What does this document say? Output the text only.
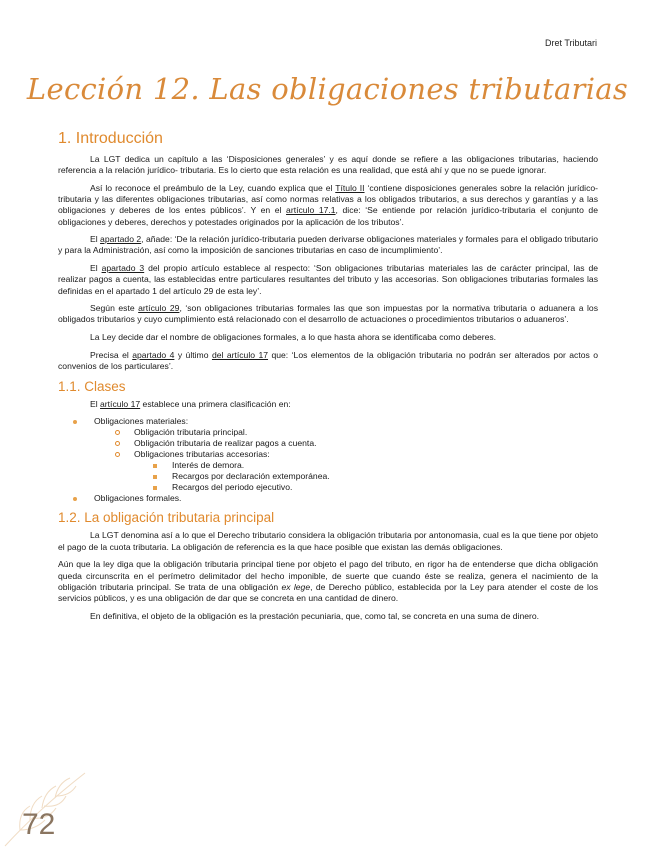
Dret Tributari
Lección 12. Las obligaciones tributarias
1. Introducción

La LGT dedica un capítulo a las ‘Disposiciones generales’ y es aquí donde se refiere a las obligaciones tributarias, haciendo referencia a la relación jurídico- tributaria. Es lo cierto que esta relación es una realidad, que está ahí y que no se puede ignorar.

Así lo reconoce el preámbulo de la Ley, cuando explica que el Título II ‘contiene disposiciones generales sobre la relación jurídico-tributaria y las diferentes obligaciones tributarias, así como normas relativas a los obligados tributarios, a sus derechos y garantías y a las obligaciones y deberes de los entes públicos’. Y en el artículo 17.1, dice: ‘Se entiende por relación jurídico-tributaria el conjunto de obligaciones y deberes, derechos y potestades originados por la aplicación de los tributos’.

El apartado 2, añade: ‘De la relación jurídico-tributaria pueden derivarse obligaciones materiales y formales para el obligado tributario y para la Administración, así como la imposición de sanciones tributarias en caso de incumplimiento’.

El apartado 3 del propio artículo establece al respecto: ‘Son obligaciones tributarias materiales las de carácter principal, las de realizar pagos a cuenta, las establecidas entre particulares resultantes del tributo y las accesorias. Son obligaciones tributarias formales las definidas en el apartado 1 del artículo 29 de esta ley’.

Según este artículo 29, ‘son obligaciones tributarias formales las que son impuestas por la normativa tributaria o aduanera a los obligados tributarios y cuyo cumplimiento está relacionado con el desarrollo de actuaciones o procedimientos tributarios o aduaneros’.

La Ley decide dar el nombre de obligaciones formales, a lo que hasta ahora se identificaba como deberes.

Precisa el apartado 4 y último del artículo 17 que: ‘Los elementos de la obligación tributaria no podrán ser alterados por actos o convenios de los particulares’.

1.1. Clases

El artículo 17 establece una primera clasificación en:

Obligaciones materiales:
Obligación tributaria principal.
Obligación tributaria de realizar pagos a cuenta.
Obligaciones tributarias accesorias:
Interés de demora.
Recargos por declaración extemporánea.
Recargos del periodo ejecutivo.
Obligaciones formales.
1.2. La obligación tributaria principal

La LGT denomina así a lo que el Derecho tributario considera la obligación tributaria por antonomasia, cual es la que tiene por objeto el pago de la cuota tributaria. La obligación de referencia es la que hace posible que existan las demás obligaciones.

Aún que la ley diga que la obligación tributaria principal tiene por objeto el pago del tributo, en rigor ha de entenderse que dicha obligación queda circunscrita en el perímetro delimitador del hecho imponible, de suerte que cuando éste se realiza, genera el nacimiento de la obligación tributaria principal. Se trata de una obligación ex lege, de Derecho público, establecida por la Ley para atender el coste de los servicios públicos, y es una obligación de dar que se concreta en una cantidad de dinero.

En definitiva, el objeto de la obligación es la prestación pecuniaria, que, como tal, se concreta en una suma de dinero.

72
